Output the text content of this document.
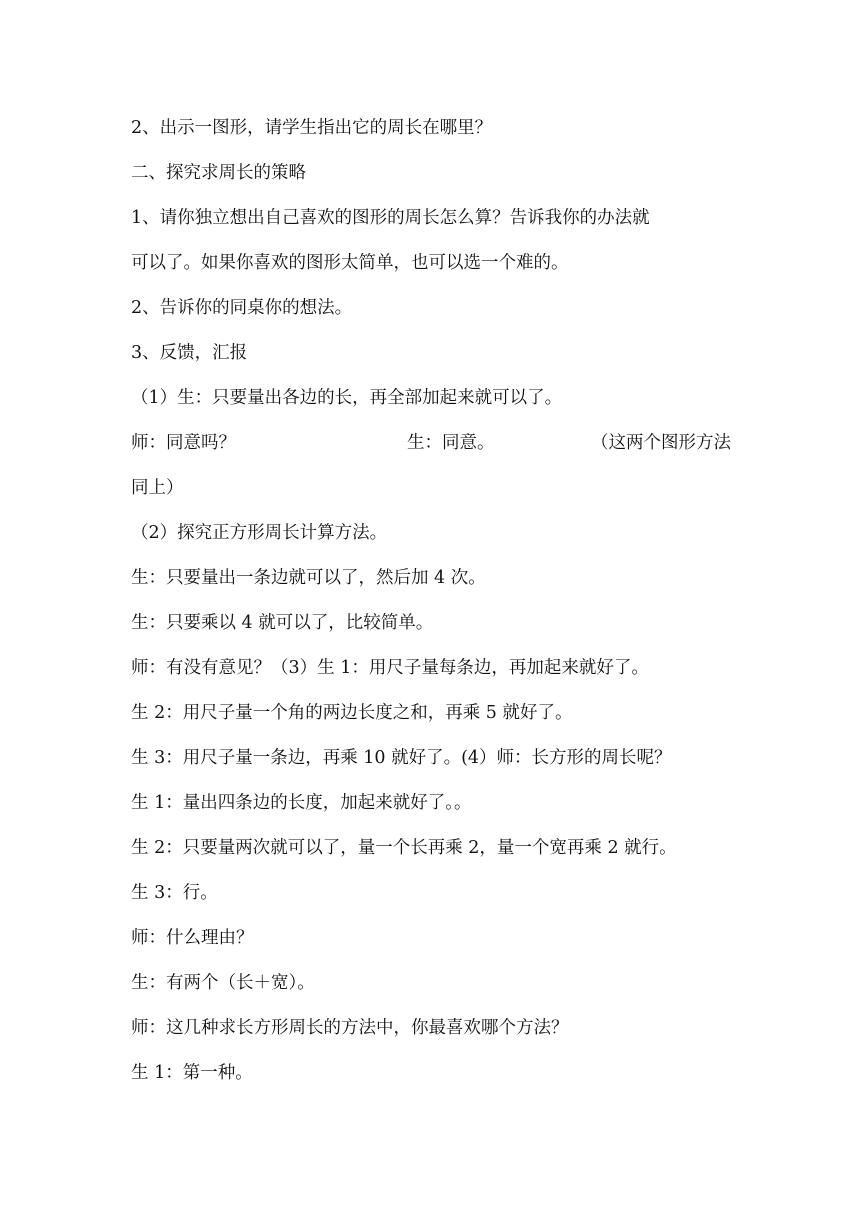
2、出示一图形，请学生指出它的周长在哪里？

二、探究求周长的策略

1、请你独立想出自己喜欢的图形的周长怎么算？告诉我你的办法就

可以了。如果你喜欢的图形太简单，也可以选一个难的。

2、告诉你的同桌你的想法。

3、反馈，汇报

（1）生：只要量出各边的长，再全部加起来就可以了。

师：同意吗？	生：同意。	（这两个图形方法

同上）

（2）探究正方形周长计算方法。

生：只要量出一条边就可以了，然后加 4 次。

生：只要乘以 4 就可以了，比较简单。

师：有没有意见？（3）生 1：用尺子量每条边，再加起来就好了。

生 2：用尺子量一个角的两边长度之和，再乘 5 就好了。

生 3：用尺子量一条边，再乘 10 就好了。(4）师：长方形的周长呢？

生 1：量出四条边的长度，加起来就好了。。

生 2：只要量两次就可以了，量一个长再乘 2，量一个宽再乘 2 就行。

生 3：行。

师：什么理由？

生：有两个（长＋宽）。

师：这几种求长方形周长的方法中，你最喜欢哪个方法？

生 1：第一种。
